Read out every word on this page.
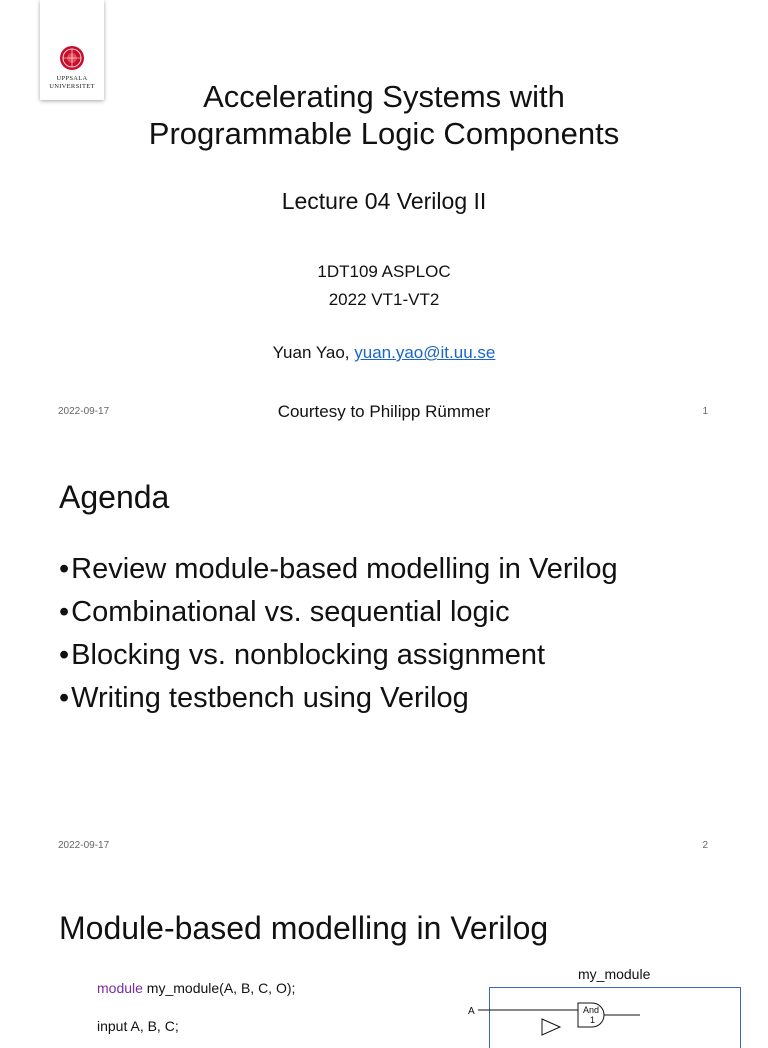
UPPSALA
UNIVERSITET	Accelerating Systems with
Programmable Logic Components
Lecture 04 Verilog II
1DT109 ASPLOC
2022 VT1-VT2
Yuan Yao, yuan.yao@it.uu.se
Courtesy to Philipp Rümmer
2022-09-17	1
Agenda
• Review module-based modelling in Verilog
• Combinational vs. sequential logic
• Blocking vs. nonblocking assignment
• Writing testbench using Verilog
2022-09-17	2
Module-based modelling in Verilog
module my_module(A, B, C, O);
input A, B, C;
my_module
A	And
1
